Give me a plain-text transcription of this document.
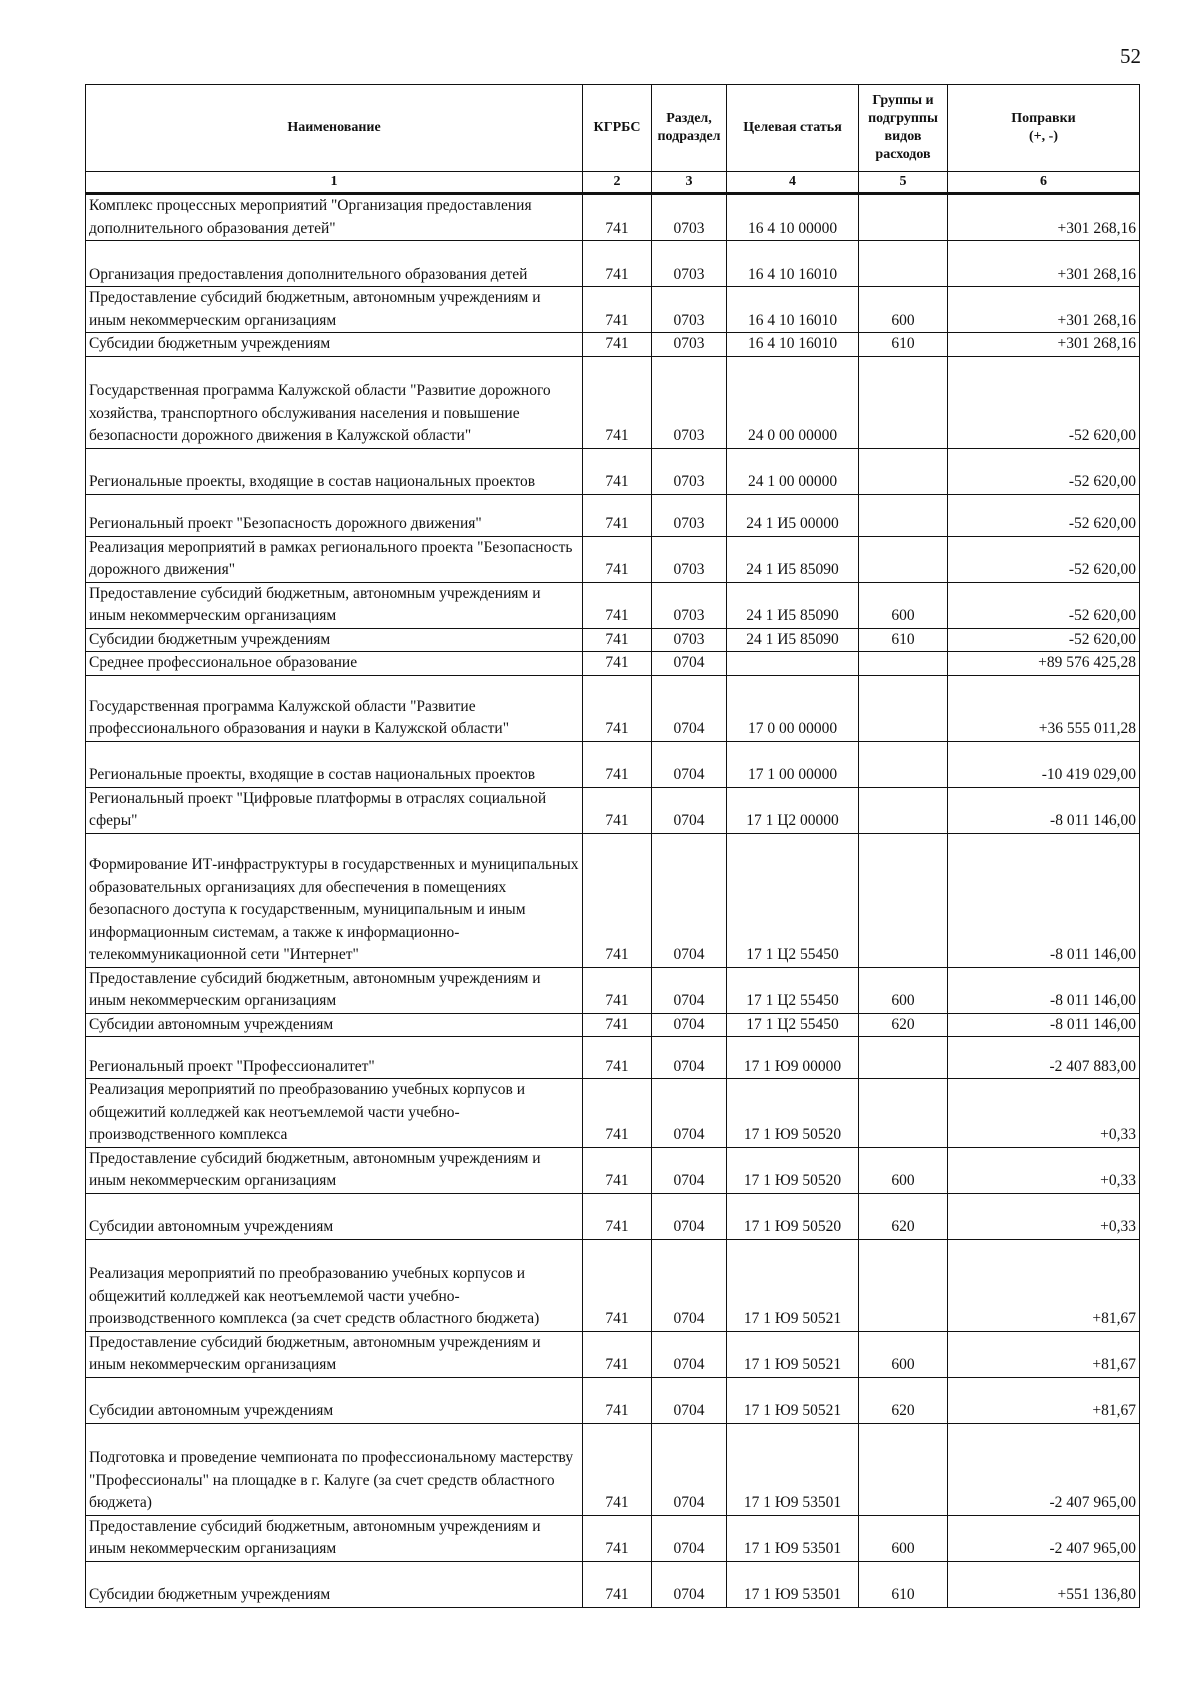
52
Наименование	КГРБС	Раздел, подраздел	Целевая статья	Группы и подгруппы видов расходов	Поправки
(+, -)
1	2	3	4	5	6
Комплекс процессных мероприятий "Организация предоставления дополнительного образования детей"	741	0703	16 4 10 00000		+301 268,16
Организация предоставления дополнительного образования детей	741	0703	16 4 10 16010		+301 268,16
Предоставление субсидий бюджетным, автономным учреждениям и иным некоммерческим организациям	741	0703	16 4 10 16010	600	+301 268,16
Субсидии бюджетным учреждениям	741	0703	16 4 10 16010	610	+301 268,16
Государственная программа Калужской области "Развитие дорожного хозяйства, транспортного обслуживания населения и повышение безопасности дорожного движения в Калужской области"	741	0703	24 0 00 00000		-52 620,00
Региональные проекты, входящие в состав национальных проектов	741	0703	24 1 00 00000		-52 620,00
Региональный проект "Безопасность дорожного движения"	741	0703	24 1 И5 00000		-52 620,00
Реализация мероприятий в рамках регионального проекта "Безопасность дорожного движения"	741	0703	24 1 И5 85090		-52 620,00
Предоставление субсидий бюджетным, автономным учреждениям и иным некоммерческим организациям	741	0703	24 1 И5 85090	600	-52 620,00
Субсидии бюджетным учреждениям	741	0703	24 1 И5 85090	610	-52 620,00
Среднее профессиональное образование	741	0704			+89 576 425,28
Государственная программа Калужской области "Развитие профессионального образования и науки в Калужской области"	741	0704	17 0 00 00000		+36 555 011,28
Региональные проекты, входящие в состав национальных проектов	741	0704	17 1 00 00000		-10 419 029,00
Региональный проект "Цифровые платформы в отраслях социальной сферы"	741	0704	17 1 Ц2 00000		-8 011 146,00
Формирование ИТ-инфраструктуры в государственных и муниципальных образовательных организациях для обеспечения в помещениях безопасного доступа к государственным, муниципальным и иным информационным системам, а также к информационно-телекоммуникационной сети "Интернет"	741	0704	17 1 Ц2 55450		-8 011 146,00
Предоставление субсидий бюджетным, автономным учреждениям и иным некоммерческим организациям	741	0704	17 1 Ц2 55450	600	-8 011 146,00
Субсидии автономным учреждениям	741	0704	17 1 Ц2 55450	620	-8 011 146,00
Региональный проект "Профессионалитет"	741	0704	17 1 Ю9 00000		-2 407 883,00
Реализация мероприятий по преобразованию учебных корпусов и общежитий колледжей как неотъемлемой части учебно-производственного комплекса	741	0704	17 1 Ю9 50520		+0,33
Предоставление субсидий бюджетным, автономным учреждениям и иным некоммерческим организациям	741	0704	17 1 Ю9 50520	600	+0,33
Субсидии автономным учреждениям	741	0704	17 1 Ю9 50520	620	+0,33
Реализация мероприятий по преобразованию учебных корпусов и общежитий колледжей как неотъемлемой части учебно-производственного комплекса (за счет средств областного бюджета)	741	0704	17 1 Ю9 50521		+81,67
Предоставление субсидий бюджетным, автономным учреждениям и иным некоммерческим организациям	741	0704	17 1 Ю9 50521	600	+81,67
Субсидии автономным учреждениям	741	0704	17 1 Ю9 50521	620	+81,67
Подготовка и проведение чемпионата по профессиональному мастерству "Профессионалы" на площадке в г. Калуге (за счет средств областного бюджета)	741	0704	17 1 Ю9 53501		-2 407 965,00
Предоставление субсидий бюджетным, автономным учреждениям и иным некоммерческим организациям	741	0704	17 1 Ю9 53501	600	-2 407 965,00
Субсидии бюджетным учреждениям	741	0704	17 1 Ю9 53501	610	+551 136,80
